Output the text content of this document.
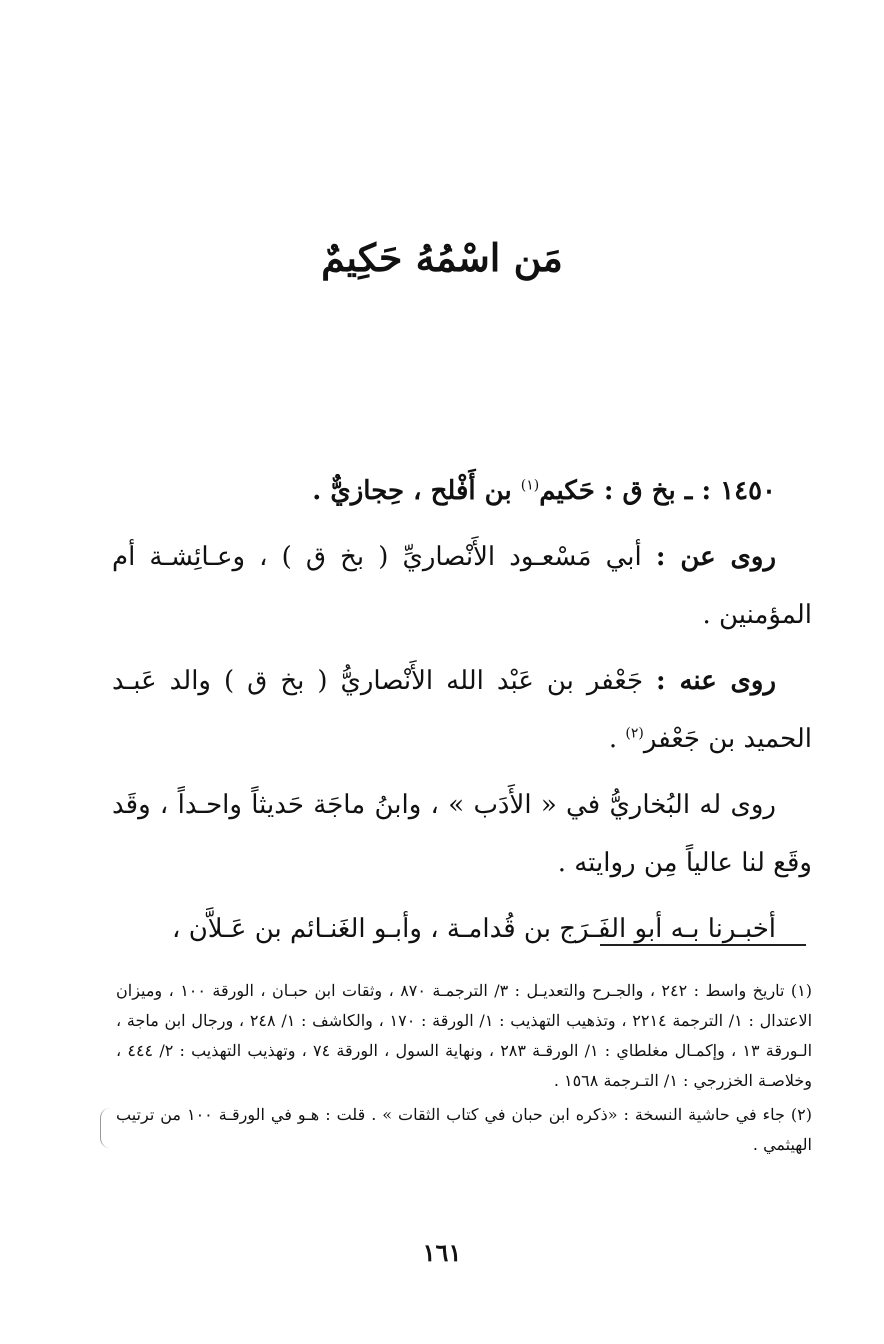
مَن اسْمُهُ حَكِيمٌ

١٤٥٠ : ـ بخ ق : حَكيم$^{(١)}$ بن أَفْلح ، حِجازيٌّ .

روى عن : أبي مَسْعـود الأَنْصاريِّ ( بخ ق ) ، وعـائِشـة أم المؤمنين .

روى عنه : جَعْفر بن عَبْد الله الأَنْصاريُّ ( بخ ق ) والد عَبـد الحميد بن جَعْفر$^{(٢)}$ .

روى له البُخاريُّ في « الأَدَب » ، وابنُ ماجَة حَديثاً واحـداً ، وقَد وقَع لنا عالياً مِن روايته .

أخبـرنا بـه أبو الفَـرَج بن قُدامـة ، وأبـو الغَنـائم بن عَـلاَّن ،

(١) تاريخ واسط : ٢٤٢ ، والجـرح والتعديـل : ٣/ الترجمـة ٨٧٠ ، وثقات ابن حبـان ، الورقة ١٠٠ ، وميزان الاعتدال : ١/ الترجمة ٢٢١٤ ، وتذهيب التهذيب : ١/ الورقة : ١٧٠ ، والكاشف : ١/ ٢٤٨ ، ورجال ابن ماجة ، الـورقة ١٣ ، وإكمـال مغلطاي : ١/ الورقـة ٢٨٣ ، ونهاية السول ، الورقة ٧٤ ، وتهذيب التهذيب : ٢/ ٤٤٤ ، وخلاصـة الخزرجي : ١/ التـرجمة ١٥٦٨ .

(٢) جاء في حاشية النسخة : «ذكره ابن حبان في كتاب الثقات » . قلت : هـو في الورقـة ١٠٠ من ترتيب الهيثمي .

١٦١
